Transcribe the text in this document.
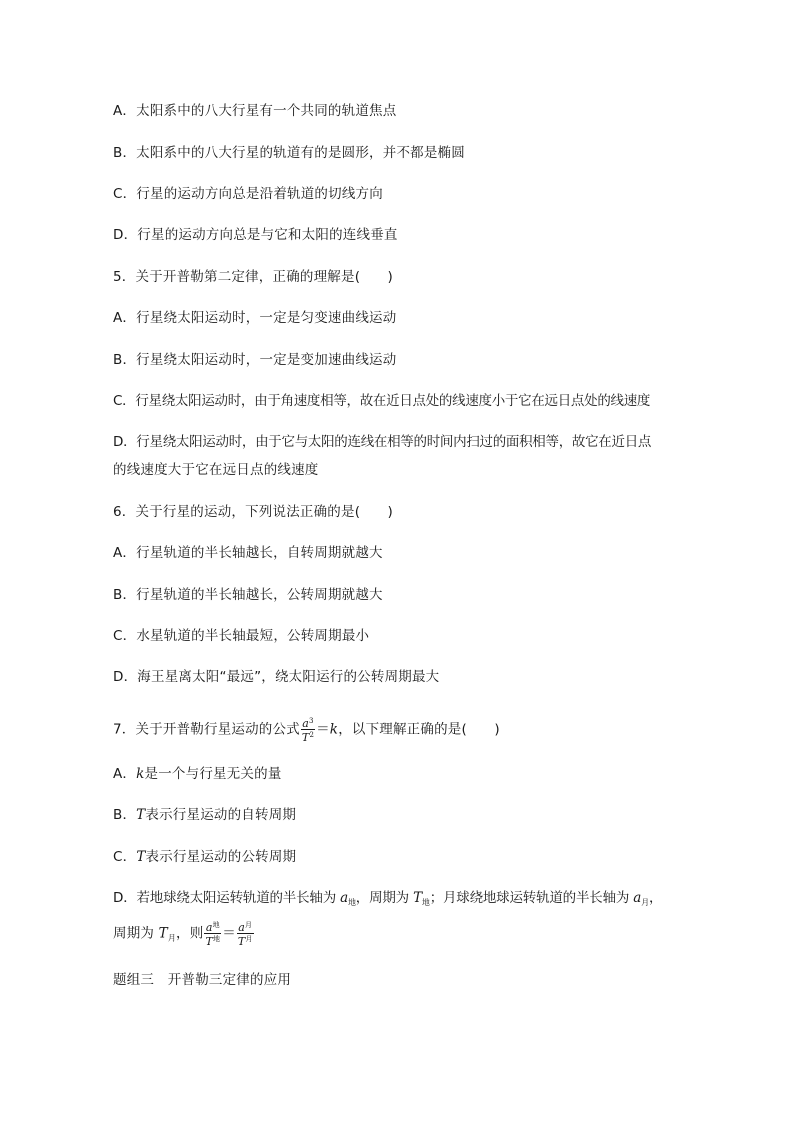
A．太阳系中的八大行星有一个共同的轨道焦点
B．太阳系中的八大行星的轨道有的是圆形，并不都是椭圆
C．行星的运动方向总是沿着轨道的切线方向
D．行星的运动方向总是与它和太阳的连线垂直
5．关于开普勒第二定律，正确的理解是(　　)
A．行星绕太阳运动时，一定是匀变速曲线运动
B．行星绕太阳运动时，一定是变加速曲线运动
C．行星绕太阳运动时，由于角速度相等，故在近日点处的线速度小于它在远日点处的线速度
D．行星绕太阳运动时，由于它与太阳的连线在相等的时间内扫过的面积相等，故它在近日点
的线速度大于它在远日点的线速度
6．关于行星的运动，下列说法正确的是(　　)
A．行星轨道的半长轴越长，自转周期就越大
B．行星轨道的半长轴越长，公转周期就越大
C．水星轨道的半长轴最短，公转周期最小
D．海王星离太阳“最远”，绕太阳运行的公转周期最大
7．关于开普勒行星运动的公式 $\frac{a^3}{T^2} =k$，以下理解正确的是(　　)
A．k是一个与行星无关的量
B．T表示行星运动的自转周期
C．T表示行星运动的公转周期
D．若地球绕太阳运转轨道的半长轴为 $a_地$，周期为 $T_地$；月球绕地球运转轨道的半长轴为 $a_月$，
周期为 $T_月$，则 $\frac{a^地}{T^地} = \frac{a^月}{T^月}$
题组三　开普勒三定律的应用
